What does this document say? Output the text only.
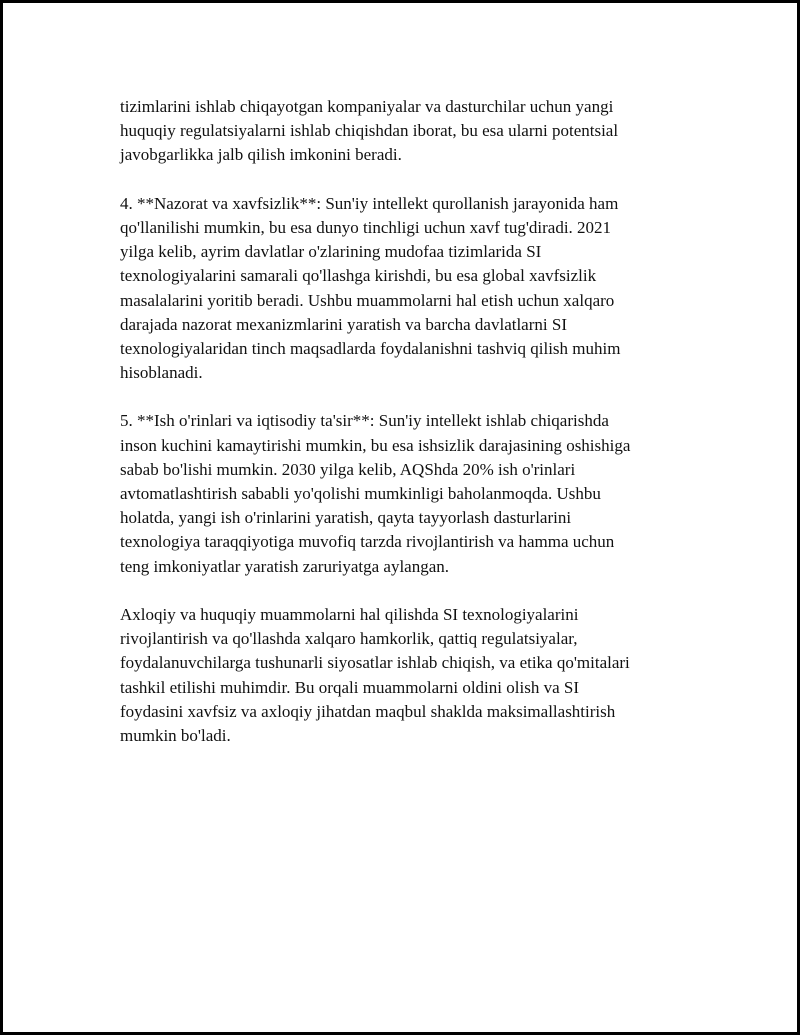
tizimlarini ishlab chiqayotgan kompaniyalar va dasturchilar uchun yangi
huquqiy regulatsiyalarni ishlab chiqishdan iborat, bu esa ularni potentsial
javobgarlikka jalb qilish imkonini beradi.
4. **Nazorat va xavfsizlik**: Sun'iy intellekt qurollanish jarayonida ham
qo'llanilishi mumkin, bu esa dunyo tinchligi uchun xavf tug'diradi. 2021
yilga kelib, ayrim davlatlar o'zlarining mudofaa tizimlarida SI
texnologiyalarini samarali qo'llashga kirishdi, bu esa global xavfsizlik
masalalarini yoritib beradi. Ushbu muammolarni hal etish uchun xalqaro
darajada nazorat mexanizmlarini yaratish va barcha davlatlarni SI
texnologiyalaridan tinch maqsadlarda foydalanishni tashviq qilish muhim
hisoblanadi.
5. **Ish o'rinlari va iqtisodiy ta'sir**: Sun'iy intellekt ishlab chiqarishda
inson kuchini kamaytirishi mumkin, bu esa ishsizlik darajasining oshishiga
sabab bo'lishi mumkin. 2030 yilga kelib, AQShda 20% ish o'rinlari
avtomatlashtirish sababli yo'qolishi mumkinligi baholanmoqda. Ushbu
holatda, yangi ish o'rinlarini yaratish, qayta tayyorlash dasturlarini
texnologiya taraqqiyotiga muvofiq tarzda rivojlantirish va hamma uchun
teng imkoniyatlar yaratish zaruriyatga aylangan.
Axloqiy va huquqiy muammolarni hal qilishda SI texnologiyalarini
rivojlantirish va qo'llashda xalqaro hamkorlik, qattiq regulatsiyalar,
foydalanuvchilarga tushunarli siyosatlar ishlab chiqish, va etika qo'mitalari
tashkil etilishi muhimdir. Bu orqali muammolarni oldini olish va SI
foydasini xavfsiz va axloqiy jihatdan maqbul shaklda maksimallashtirish
mumkin bo'ladi.
